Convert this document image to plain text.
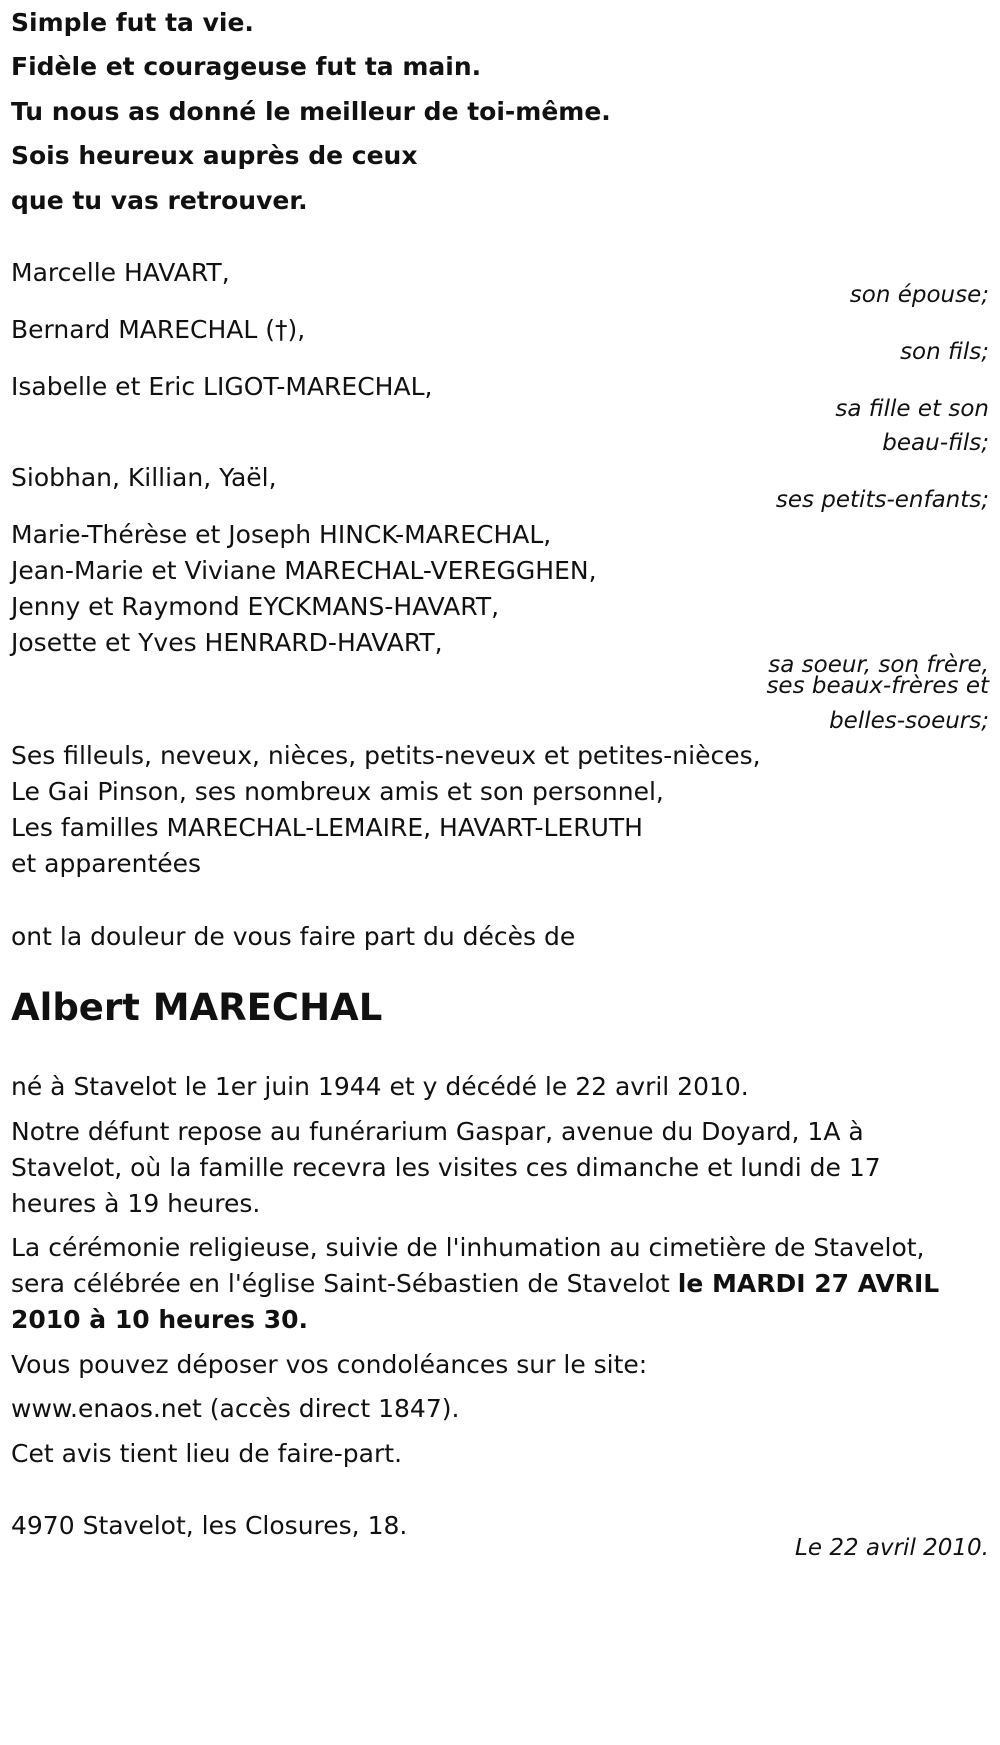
Simple fut ta vie.
Fidèle et courageuse fut ta main.
Tu nous as donné le meilleur de toi-même.
Sois heureux auprès de ceux
que tu vas retrouver.
Marcelle HAVART,
son épouse;
Bernard MARECHAL (†),
son fils;
Isabelle et Eric LIGOT-MARECHAL,
sa fille et son
beau-fils;
Siobhan, Killian, Yaël,
ses petits-enfants;
Marie-Thérèse et Joseph HINCK-MARECHAL,
Jean-Marie et Viviane MARECHAL-VEREGGHEN,
Jenny et Raymond EYCKMANS-HAVART,
Josette et Yves HENRARD-HAVART,
sa soeur, son frère,
ses beaux-frères et
belles-soeurs;
Ses filleuls, neveux, nièces, petits-neveux et petites-nièces,
Le Gai Pinson, ses nombreux amis et son personnel,
Les familles MARECHAL-LEMAIRE, HAVART-LERUTH
et apparentées
ont la douleur de vous faire part du décès de
Albert MARECHAL
né à Stavelot le 1er juin 1944 et y décédé le 22 avril 2010.
Notre défunt repose au funérarium Gaspar, avenue du Doyard, 1A à
Stavelot, où la famille recevra les visites ces dimanche et lundi de 17
heures à 19 heures.
La cérémonie religieuse, suivie de l'inhumation au cimetière de Stavelot,
sera célébrée en l'église Saint-Sébastien de Stavelot le MARDI 27 AVRIL
2010 à 10 heures 30.
Vous pouvez déposer vos condoléances sur le site:
www.enaos.net (accès direct 1847).
Cet avis tient lieu de faire-part.
4970 Stavelot, les Closures, 18.
Le 22 avril 2010.
